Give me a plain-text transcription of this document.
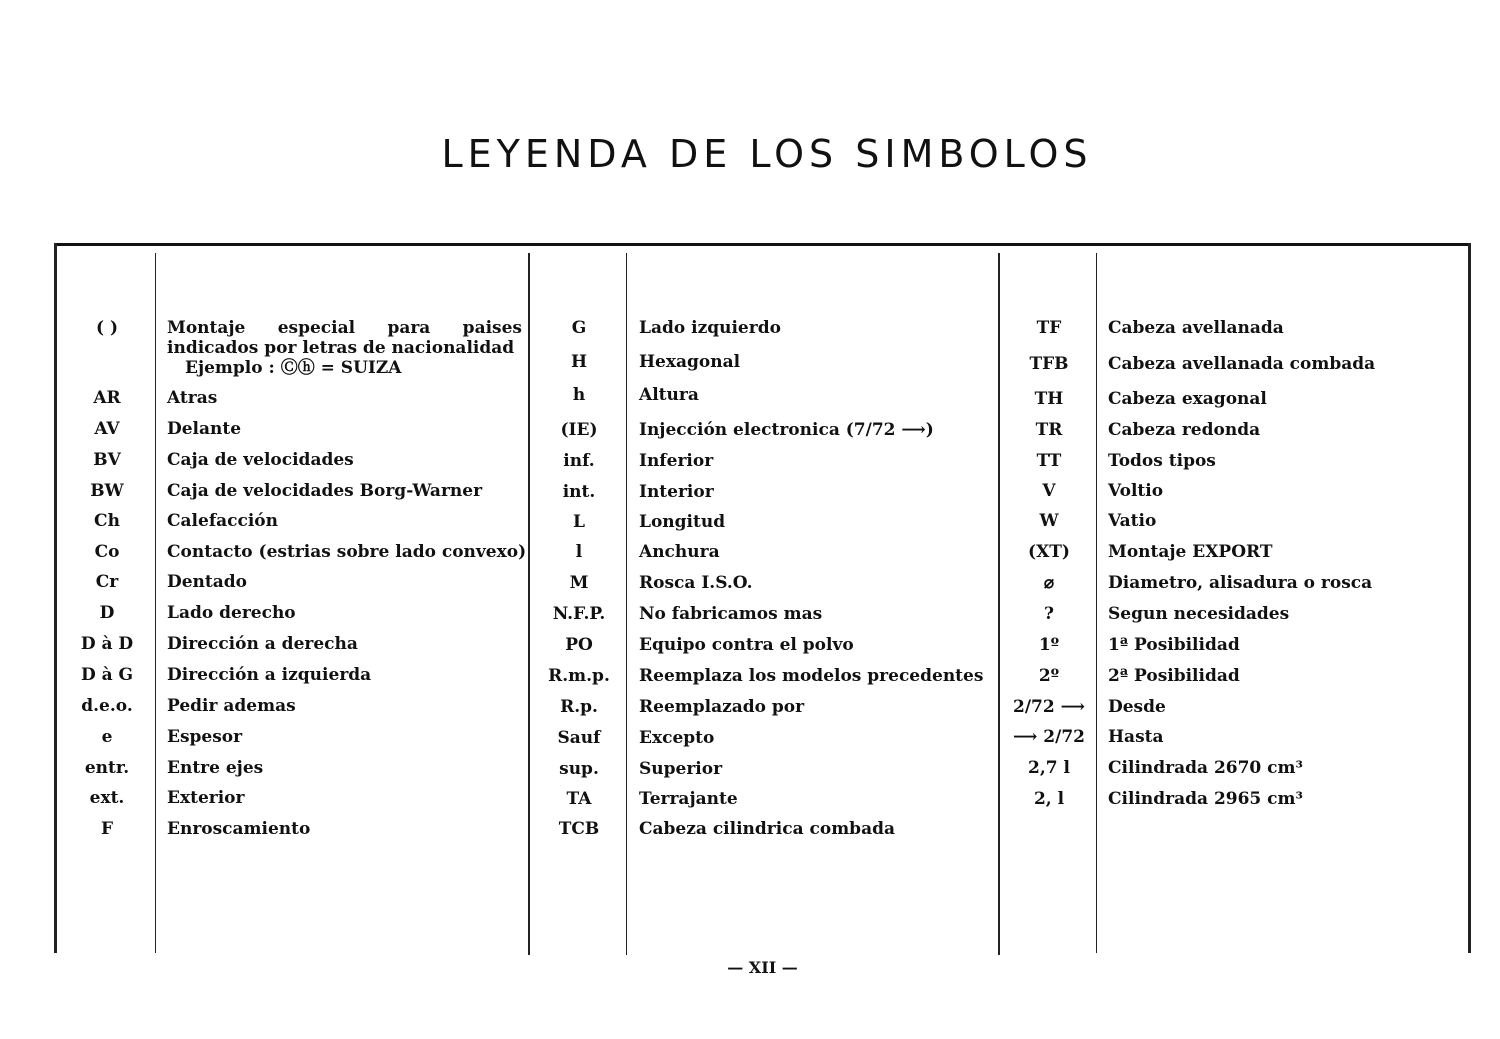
LEYENDA DE LOS SIMBOLOS
( )	Montaje especial para paises indicados por letras de nacionalidad
Ejemplo : Ⓒⓗ = SUIZA
AR	Atras
AV	Delante
BV	Caja de velocidades
BW	Caja de velocidades Borg-Warner
Ch	Calefacción
Co	Contacto (estrias sobre lado convexo)
Cr	Dentado
D	Lado derecho
D à D	Dirección a derecha
D à G	Dirección a izquierda
d.e.o.	Pedir ademas
e	Espesor
entr.	Entre ejes
ext.	Exterior
F	Enroscamiento
G	Lado izquierdo
H	Hexagonal
h	Altura
(IE)	Injección electronica (7/72 ⟶)
inf.	Inferior
int.	Interior
L	Longitud
l	Anchura
M	Rosca I.S.O.
N.F.P.	No fabricamos mas
PO	Equipo contra el polvo
R.m.p.	Reemplaza los modelos precedentes
R.p.	Reemplazado por
Sauf	Excepto
sup.	Superior
TA	Terrajante
TCB	Cabeza cilindrica combada
TF	Cabeza avellanada
TFB	Cabeza avellanada combada
TH	Cabeza exagonal
TR	Cabeza redonda
TT	Todos tipos
V	Voltio
W	Vatio
(XT)	Montaje EXPORT
⌀	Diametro, alisadura o rosca
?	Segun necesidades
1º	1ª Posibilidad
2º	2ª Posibilidad
2/72 ⟶	Desde
⟶ 2/72	Hasta
2,7 l	Cilindrada 2670 cm³
2, l	Cilindrada 2965 cm³
— XII —
